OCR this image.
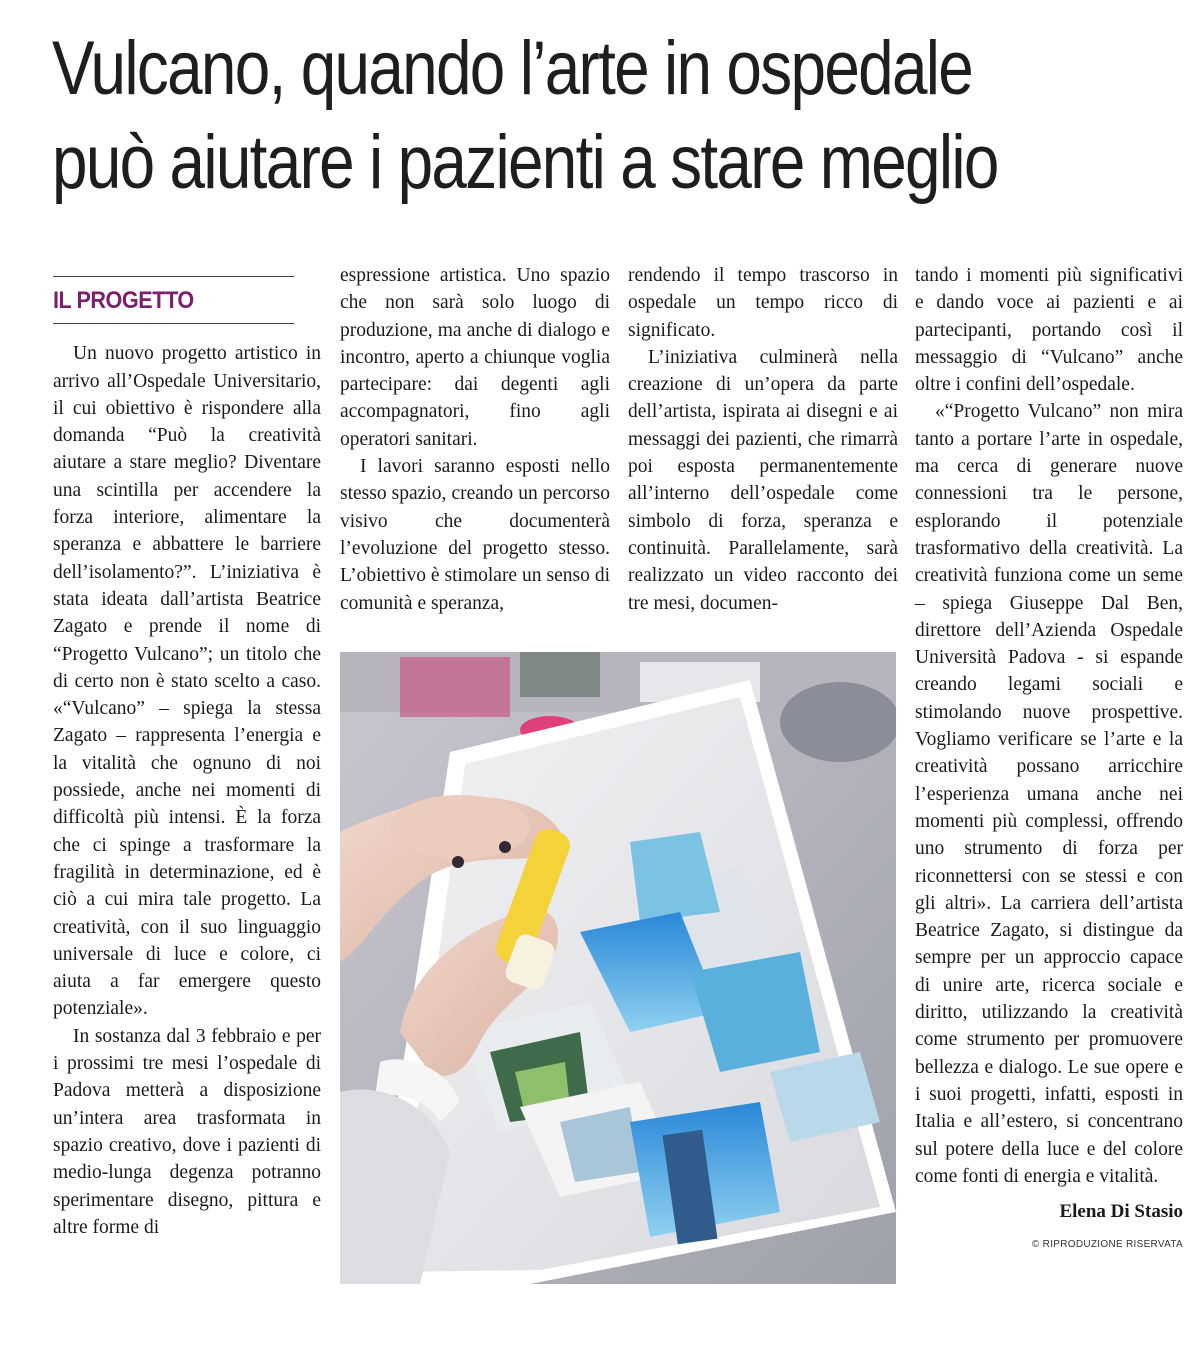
Vulcano, quando l’arte in ospedale
può aiutare i pazienti a stare meglio
IL PROGETTO

Un nuovo progetto artistico in arrivo all’Ospedale Universitario, il cui obiettivo è rispondere alla domanda “Può la creatività aiutare a stare meglio? Diventare una scintilla per accendere la forza interiore, alimentare la speranza e abbattere le barriere dell’isolamento?”. L’iniziativa è stata ideata dall’artista Beatrice Zagato e prende il nome di “Progetto Vulcano”; un titolo che di certo non è stato scelto a caso. «“Vulcano” – spiega la stessa Zagato – rappresenta l’energia e la vitalità che ognuno di noi possiede, anche nei momenti di difficoltà più intensi. È la forza che ci spinge a trasformare la fragilità in determinazione, ed è ciò a cui mira tale progetto. La creatività, con il suo linguaggio universale di luce e colore, ci aiuta a far emergere questo potenziale».

In sostanza dal 3 febbraio e per i prossimi tre mesi l’ospedale di Padova metterà a disposizione un’intera area trasformata in spazio creativo, dove i pazienti di medio-lunga degenza potranno sperimentare disegno, pittura e altre forme di

espressione artistica. Uno spazio che non sarà solo luogo di produzione, ma anche di dialogo e incontro, aperto a chiunque voglia partecipare: dai degenti agli accompagnatori, fino agli operatori sanitari.

I lavori saranno esposti nello stesso spazio, creando un percorso visivo che documenterà l’evoluzione del progetto stesso. L’obiettivo è stimolare un senso di comunità e speranza,

rendendo il tempo trascorso in ospedale un tempo ricco di significato.

L’iniziativa culminerà nella creazione di un’opera da parte dell’artista, ispirata ai disegni e ai messaggi dei pazienti, che rimarrà poi esposta permanentemente all’interno dell’ospedale come simbolo di forza, speranza e continuità. Parallelamente, sarà realizzato un video racconto dei tre mesi, documen-

tando i momenti più significativi e dando voce ai pazienti e ai partecipanti, portando così il messaggio di “Vulcano” anche oltre i confini dell’ospedale.

«“Progetto Vulcano” non mira tanto a portare l’arte in ospedale, ma cerca di generare nuove connessioni tra le persone, esplorando il potenziale trasformativo della creatività. La creatività funziona come un seme – spiega Giuseppe Dal Ben, direttore dell’Azienda Ospedale Università Padova - si espande creando legami sociali e stimolando nuove prospettive. Vogliamo verificare se l’arte e la creatività possano arricchire l’esperienza umana anche nei momenti più complessi, offrendo uno strumento di forza per riconnettersi con se stessi e con gli altri». La carriera dell’artista Beatrice Zagato, si distingue da sempre per un approccio capace di unire arte, ricerca sociale e diritto, utilizzando la creatività come strumento per promuovere bellezza e dialogo. Le sue opere e i suoi progetti, infatti, esposti in Italia e all’estero, si concentrano sul potere della luce e del colore come fonti di energia e vitalità.

Elena Di Stasio
© RIPRODUZIONE RISERVATA
